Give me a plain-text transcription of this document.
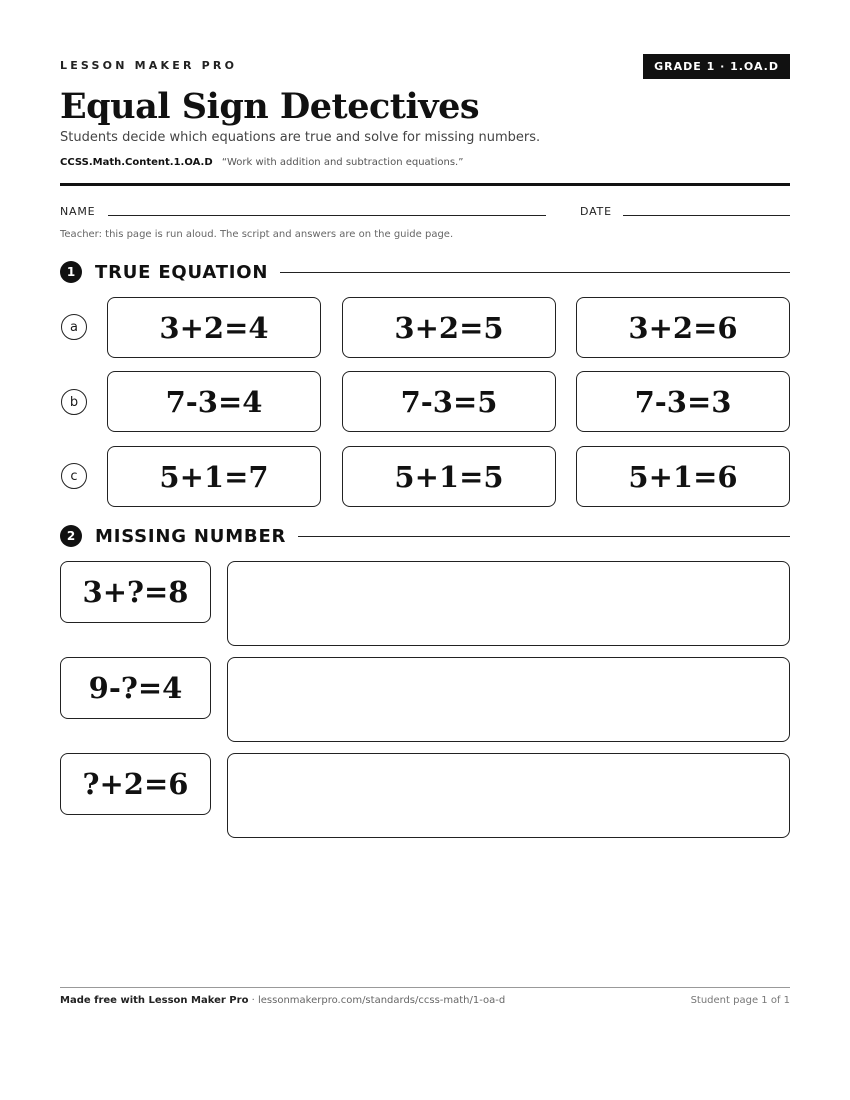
LESSON MAKER PRO	GRADE 1 · 1.OA.D
Equal Sign Detectives
Students decide which equations are true and solve for missing numbers.
CCSS.Math.Content.1.OA.D “Work with addition and subtraction equations.”
NAME	DATE
Teacher: this page is run aloud. The script and answers are on the guide page.
1	TRUE EQUATION
a	3+2=4	3+2=5	3+2=6
b	7-3=4	7-3=5	7-3=3
c	5+1=7	5+1=5	5+1=6
2	MISSING NUMBER
3+?=8
9-?=4
?+2=6
Made free with Lesson Maker Pro · lessonmakerpro.com/standards/ccss-math/1-oa-d	Student page 1 of 1
